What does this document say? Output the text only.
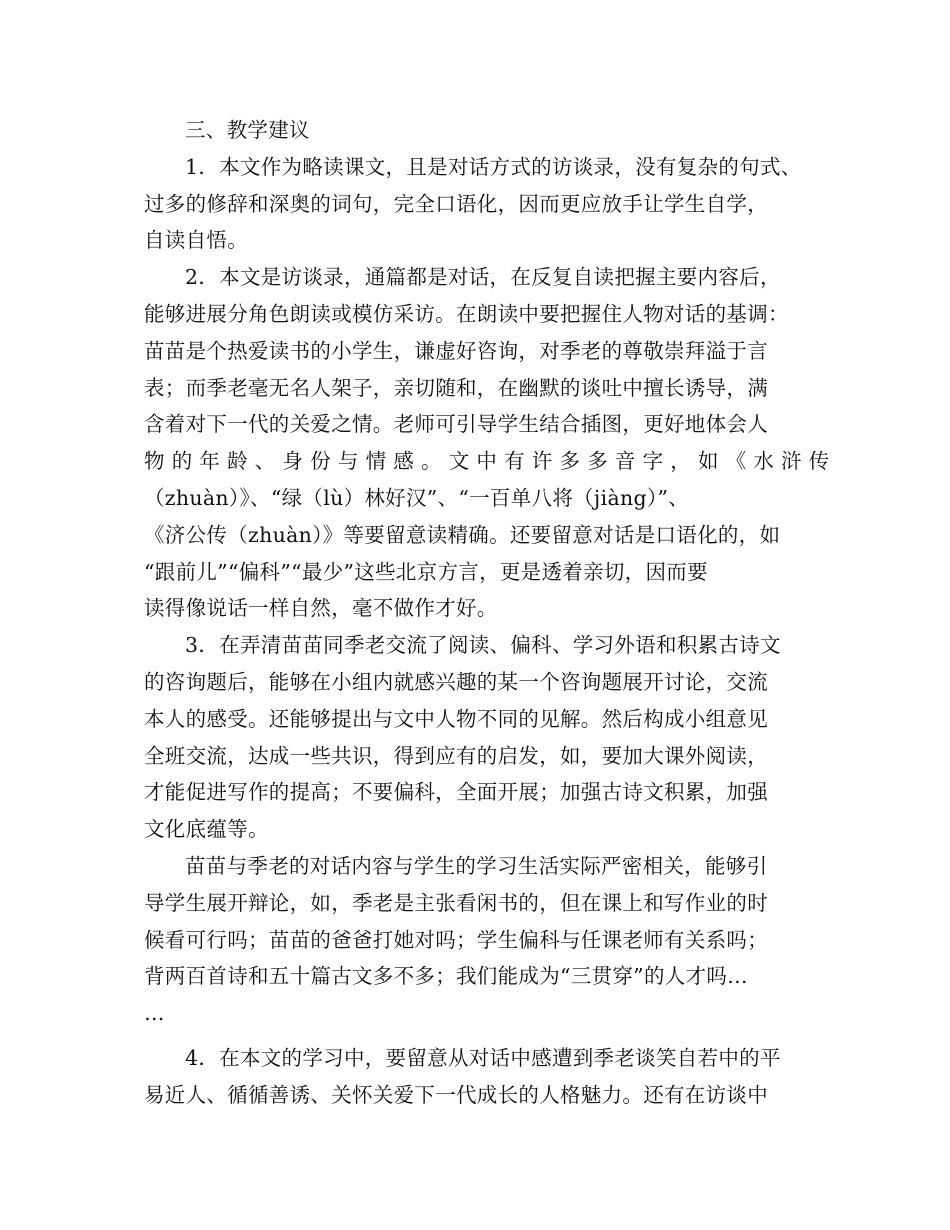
三、教学建议
1．本文作为略读课文，且是对话方式的访谈录，没有复杂的句式、
过多的修辞和深奥的词句，完全口语化，因而更应放手让学生自学，
自读自悟。
2．本文是访谈录，通篇都是对话，在反复自读把握主要内容后，
能够进展分角色朗读或模仿采访。在朗读中要把握住人物对话的基调：
苗苗是个热爱读书的小学生，谦虚好咨询，对季老的尊敬崇拜溢于言
表；而季老毫无名人架子，亲切随和，在幽默的谈吐中擅长诱导，满
含着对下一代的关爱之情。老师可引导学生结合插图，更好地体会人
物的年龄、身份与情感。文中有许多多音字，如《水浒传
（zhuàn）》、“绿（lù）林好汉”、“一百单八将（jiàng）”、
《济公传（zhuàn）》等要留意读精确。还要留意对话是口语化的，如
“跟前儿”“偏科”“最少”这些北京方言，更是透着亲切，因而要
读得像说话一样自然，毫不做作才好。
3．在弄清苗苗同季老交流了阅读、偏科、学习外语和积累古诗文
的咨询题后，能够在小组内就感兴趣的某一个咨询题展开讨论，交流
本人的感受。还能够提出与文中人物不同的见解。然后构成小组意见
全班交流，达成一些共识，得到应有的启发，如，要加大课外阅读，
才能促进写作的提高；不要偏科，全面开展；加强古诗文积累，加强
文化底蕴等。
苗苗与季老的对话内容与学生的学习生活实际严密相关，能够引
导学生展开辩论，如，季老是主张看闲书的，但在课上和写作业的时
候看可行吗；苗苗的爸爸打她对吗；学生偏科与任课老师有关系吗；
背两百首诗和五十篇古文多不多；我们能成为“三贯穿”的人才吗…
…
4．在本文的学习中，要留意从对话中感遭到季老谈笑自若中的平
易近人、循循善诱、关怀关爱下一代成长的人格魅力。还有在访谈中
